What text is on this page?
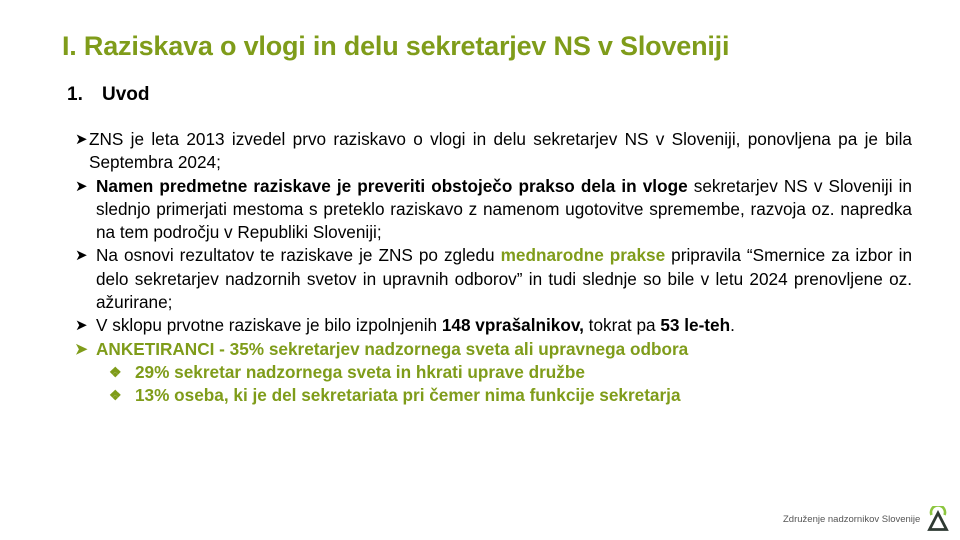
I. Raziskava o vlogi in delu sekretarjev NS v Sloveniji
1. Uvod
➤ ZNS je leta 2013 izvedel prvo raziskavo o vlogi in delu sekretarjev NS v Sloveniji, ponovljena pa je bila Septembra 2024;
➤ Namen predmetne raziskave je preveriti obstoječo prakso dela in vloge sekretarjev NS v Sloveniji in slednjo primerjati mestoma s preteklo raziskavo z namenom ugotovitve spremembe, razvoja oz. napredka na tem področju v Republiki Sloveniji;
➤ Na osnovi rezultatov te raziskave je ZNS po zgledu mednarodne prakse pripravila “Smernice za izbor in delo sekretarjev nadzornih svetov in upravnih odborov” in tudi slednje so bile v letu 2024 prenovljene oz. ažurirane;
➤ V sklopu prvotne raziskave je bilo izpolnjenih 148 vprašalnikov, tokrat pa 53 le-teh.
➤ ANKETIRANCI - 35% sekretarjev nadzornega sveta ali upravnega odbora
❖ 29% sekretar nadzornega sveta in hkrati uprave družbe
❖ 13% oseba, ki je del sekretariata pri čemer nima funkcije sekretarja
Združenje nadzornikov Slovenije
